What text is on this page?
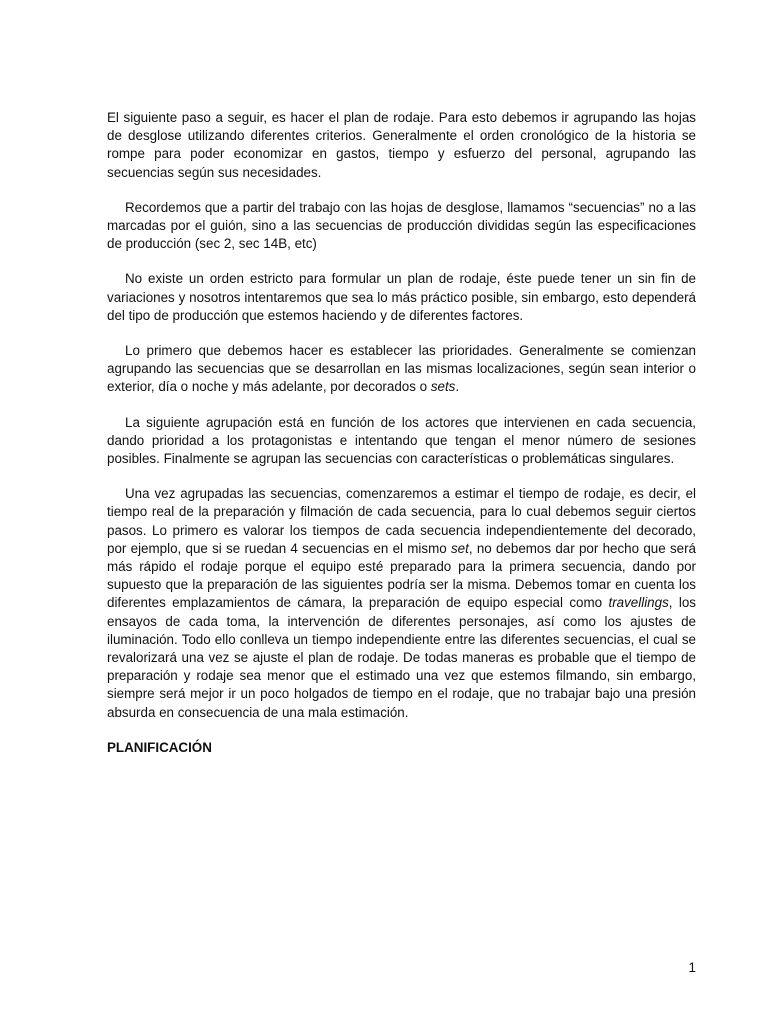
El siguiente paso a seguir, es hacer el plan de rodaje. Para esto debemos ir agrupando las hojas de desglose utilizando diferentes criterios. Generalmente el orden cronológico de la historia se rompe para poder economizar en gastos, tiempo y esfuerzo del personal, agrupando las secuencias según sus necesidades.

Recordemos que a partir del trabajo con las hojas de desglose, llamamos “secuencias” no a las marcadas por el guión, sino a las secuencias de producción divididas según las especificaciones de producción (sec 2, sec 14B, etc)

No existe un orden estricto para formular un plan de rodaje, éste puede tener un sin fin de variaciones y nosotros intentaremos que sea lo más práctico posible, sin embargo, esto dependerá del tipo de producción que estemos haciendo y de diferentes factores.

Lo primero que debemos hacer es establecer las prioridades. Generalmente se comienzan agrupando las secuencias que se desarrollan en las mismas localizaciones, según sean interior o exterior, día o noche y más adelante, por decorados o sets.

La siguiente agrupación está en función de los actores que intervienen en cada secuencia, dando prioridad a los protagonistas e intentando que tengan el menor número de sesiones posibles. Finalmente se agrupan las secuencias con características o problemáticas singulares.

Una vez agrupadas las secuencias, comenzaremos a estimar el tiempo de rodaje, es decir, el tiempo real de la preparación y filmación de cada secuencia, para lo cual debemos seguir ciertos pasos. Lo primero es valorar los tiempos de cada secuencia independientemente del decorado, por ejemplo, que si se ruedan 4 secuencias en el mismo set, no debemos dar por hecho que será más rápido el rodaje porque el equipo esté preparado para la primera secuencia, dando por supuesto que la preparación de las siguientes podría ser la misma. Debemos tomar en cuenta los diferentes emplazamientos de cámara, la preparación de equipo especial como travellings, los ensayos de cada toma, la intervención de diferentes personajes, así como los ajustes de iluminación. Todo ello conlleva un tiempo independiente entre las diferentes secuencias, el cual se revalorizará una vez se ajuste el plan de rodaje. De todas maneras es probable que el tiempo de preparación y rodaje sea menor que el estimado una vez que estemos filmando, sin embargo, siempre será mejor ir un poco holgados de tiempo en el rodaje, que no trabajar bajo una presión absurda en consecuencia de una mala estimación.

PLANIFICACIÓN

1
